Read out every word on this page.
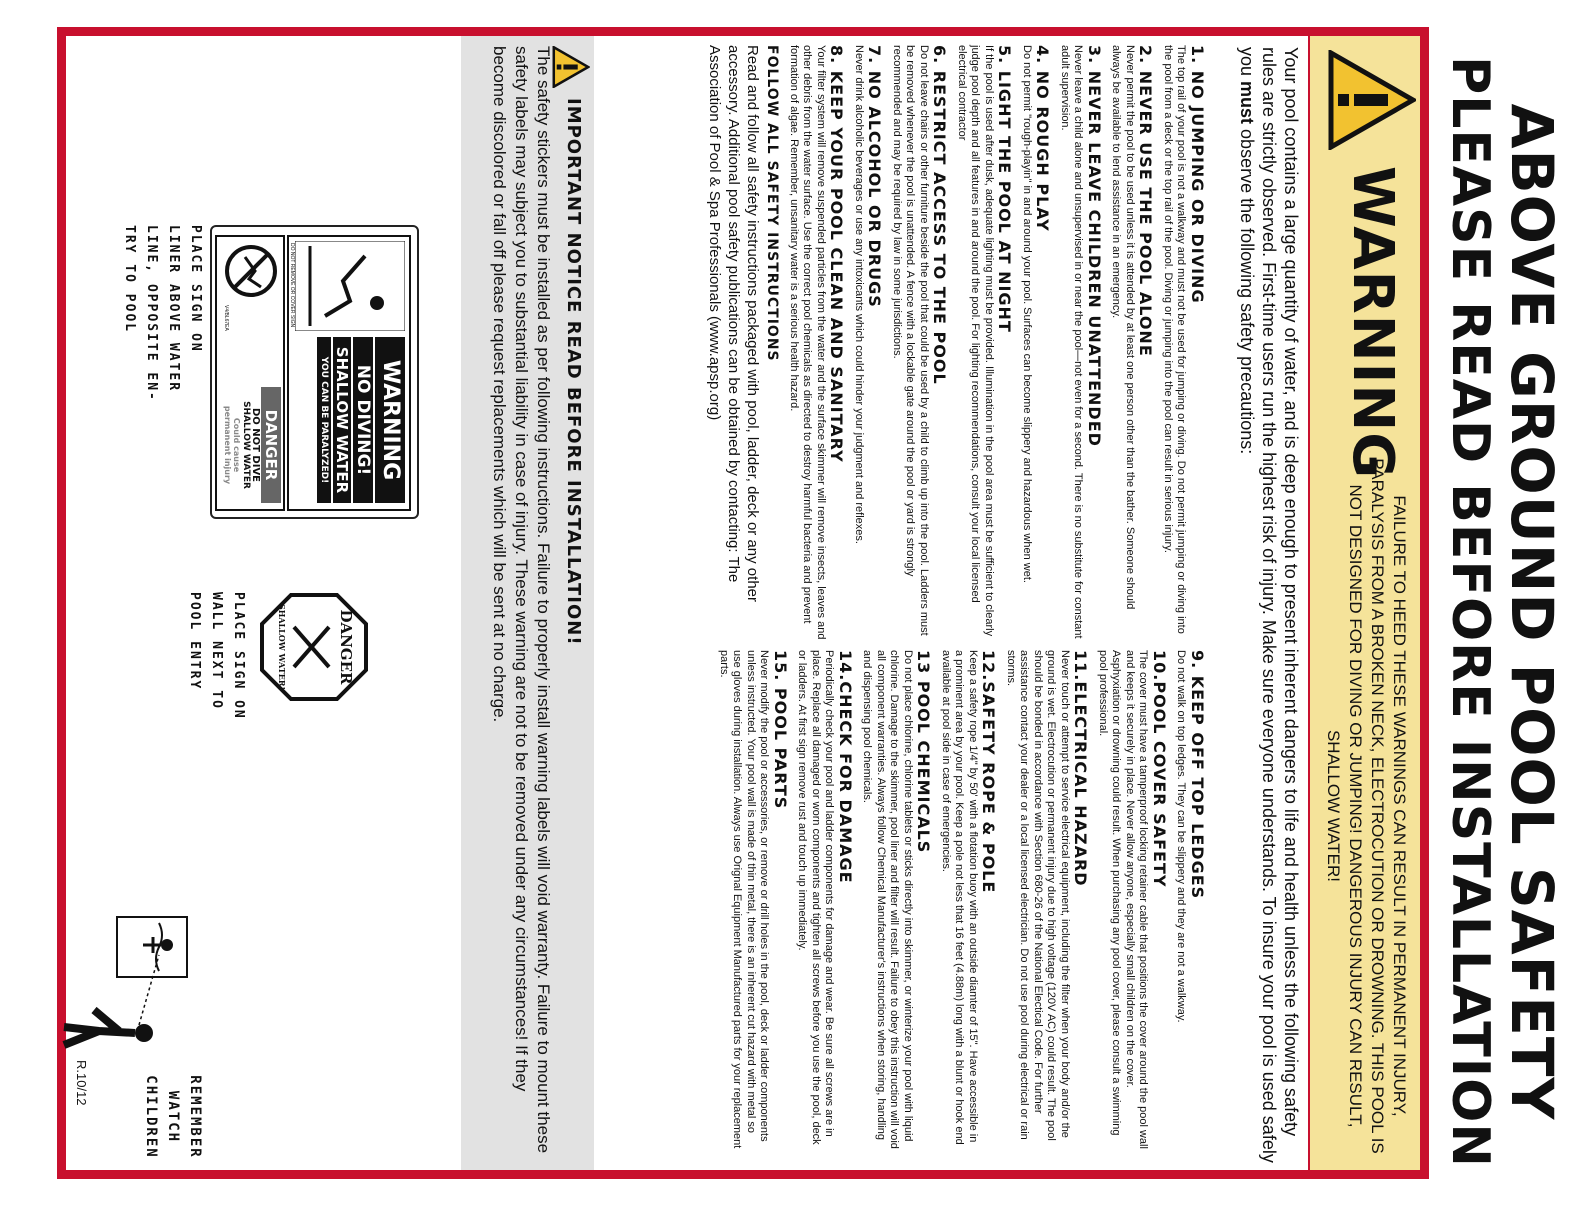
ABOVE GROUND POOL SAFETY
PLEASE READ BEFORE INSTALLATION
WARNING
FAILURE TO HEED THESE WARNINGS CAN RESULT IN PERMANENT INJURY, PARALYSIS FROM A BROKEN NECK, ELECTROCUTION OR DROWNING. THIS POOL IS NOT DESIGNED FOR DIVING OR JUMPING! DANGEROUS INJURY CAN RESULT, SHALLOW WATER!
Your pool contains a large quantity of water, and is deep enough to present inherent dangers to life and health unless the following safety rules are strictly observed. First-time users run the highest risk of injury. Make sure everyone understands. To insure your pool is used safely you must observe the following safety precautions:
1. NO JUMPING OR DIVING

The top rail of your pool is not a walkway and must not be used for jumping or diving. Do not permit jumping or diving into the pool from a deck or the top rail of the pool. Diving or jumping into the pool can result in serious injury.

2. NEVER USE THE POOL ALONE

Never permit the pool to be used unless it is attended by at least one person other than the bather. Someone should always be available to lend assistance in an emergency.

3. NEVER LEAVE CHILDREN UNATTENDED

Never leave a child alone and unsupervised in or near the pool—not even for a second. There is no substitute for constant adult supervision.

4. NO ROUGH PLAY

Do not permit "rough-playin" in and around your pool. Surfaces can become slippery and hazardous when wet.

5. LIGHT THE POOL AT NIGHT

If the pool is used after dusk, adequate lighting must be provided. Illumination in the pool area must be sufficient to clearly judge pool depth and all features in and around the pool. For lighting recommendations, consult your local licensed electrical contractor

6. RESTRICT ACCESS TO THE POOL

Do not leave chairs or other furniture beside the pool that could be used by a child to climb up into the pool. Ladders must be removed whenever the pool is unattended. A fence with a lockable gate around the pool or yard is strongly recommended and may be required by law in some jurisdictions.

7. NO ALCOHOL OR DRUGS

Never drink alcoholic beverages or use any intoxicants which could hinder your judgment and reflexes.

8. KEEP YOUR POOL CLEAN AND SANITARY

Your filter system will remove suspended particles from the water and the surface skimmer will remove insects, leaves and other debris from the water surface. Use the correct pool chemicals as directed to destroy harmful bacteria and prevent formation of algae. Remember, unsanitary water is a serious health hazard.

FOLLOW ALL SAFETY INSTRUCTIONS

Read and follow all safety instructions packaged with pool, ladder, deck or any other accessory. Additional pool safety publications can be obtained by contacting: The Association of Pool & Spa Professionals (www.apsp.org)

9. KEEP OFF TOP LEDGES

Do not walk on top ledges. They can be slippery and they are not a walkway.

10.POOL COVER SAFETY

The cover must have a tamperproof locking retainer cable that positions the cover around the pool wall and keeps it securely in place. Never allow anyone, especially small children on the cover. Asphyxiation or drowning could result. When purchasing any pool cover, please consult a swimming pool professional.

11.ELECTRICAL HAZARD

Never touch or attempt to service electrical equipment, including the filter when your body and/or the ground is wet. Electrocution or permanent injury due to high voltage (120V AC) could result. The pool should be bonded in accordance with Section 680-26 of the National Electical Code. For further assistance contact your dealer or a local licensed electrician. Do not use pool during electrical or rain storms.

12.SAFETY ROPE & POLE

Keep a safety rope 1/4" by 50' with a flotation buoy with an outside diamter of 15". Have accessible in a prominent area by your pool. Keep a pole not less that 16 feet (4.88m) long with a blunt or hook end available at pool side in case of emergencies.

13 POOL CHEMICALS

Do not place chlorine, chlorine tablets or sticks directly into skimmer, or winterize your pool with liquid chlorine. Damage to the skimmer, pool liner and filter will result. Failure to obey this instruction will void all component warranties. Always follow Chemical Manufacturer's instructions when storing, handling and dispensing pool chemicals.

14.CHECK FOR DAMAGE

Periodically check your pool and ladder components for damage and wear. Be sure all screws are in place. Replace all damaged or worn components and tighten all screws before you use the pool, deck or ladders. At first sign remove rust and touch up immediately.

15. POOL PARTS

Never modify the pool or accessories, or remove or drill holes in the pool, deck or ladder components unless instructed. Your pool wall is made of thin metal, there is an inherent cut hazard with metal so use gloves during installation. Always use Orignal Equipment Manufactured parts for your replacement parts.

IMPORTANT NOTICE READ BEFORE INSTALLATION!
The safety stickers must be installed as per following instructions. Failure to properly install warning labels will void warranty. Failure to mount these safety labels may subject you to substantial liability in case of injury. These warning are not to be removed under any circumstances! If they become discolored or fall off please request replacements which will be sent at no charge.
WARNING
NO DIVING!
SHALLOW WATER
YOU CAN BE PARALYZED!
DO NOT REMOVE OR COVER SIGN
DANGER
DO NOT DIVE
SHALLOW WATER
Could cause
permanent injury
V4/BL67EA
DANGER
SHALLOW WATER!
PLACE SIGN ON
LINER ABOVE WATER
LINE, OPPOSITE EN-
TRY TO POOL
PLACE SIGN ON
WALL NEXT TO
POOL ENTRY
REMEMBER
WATCH
CHILDREN
R.10/12
